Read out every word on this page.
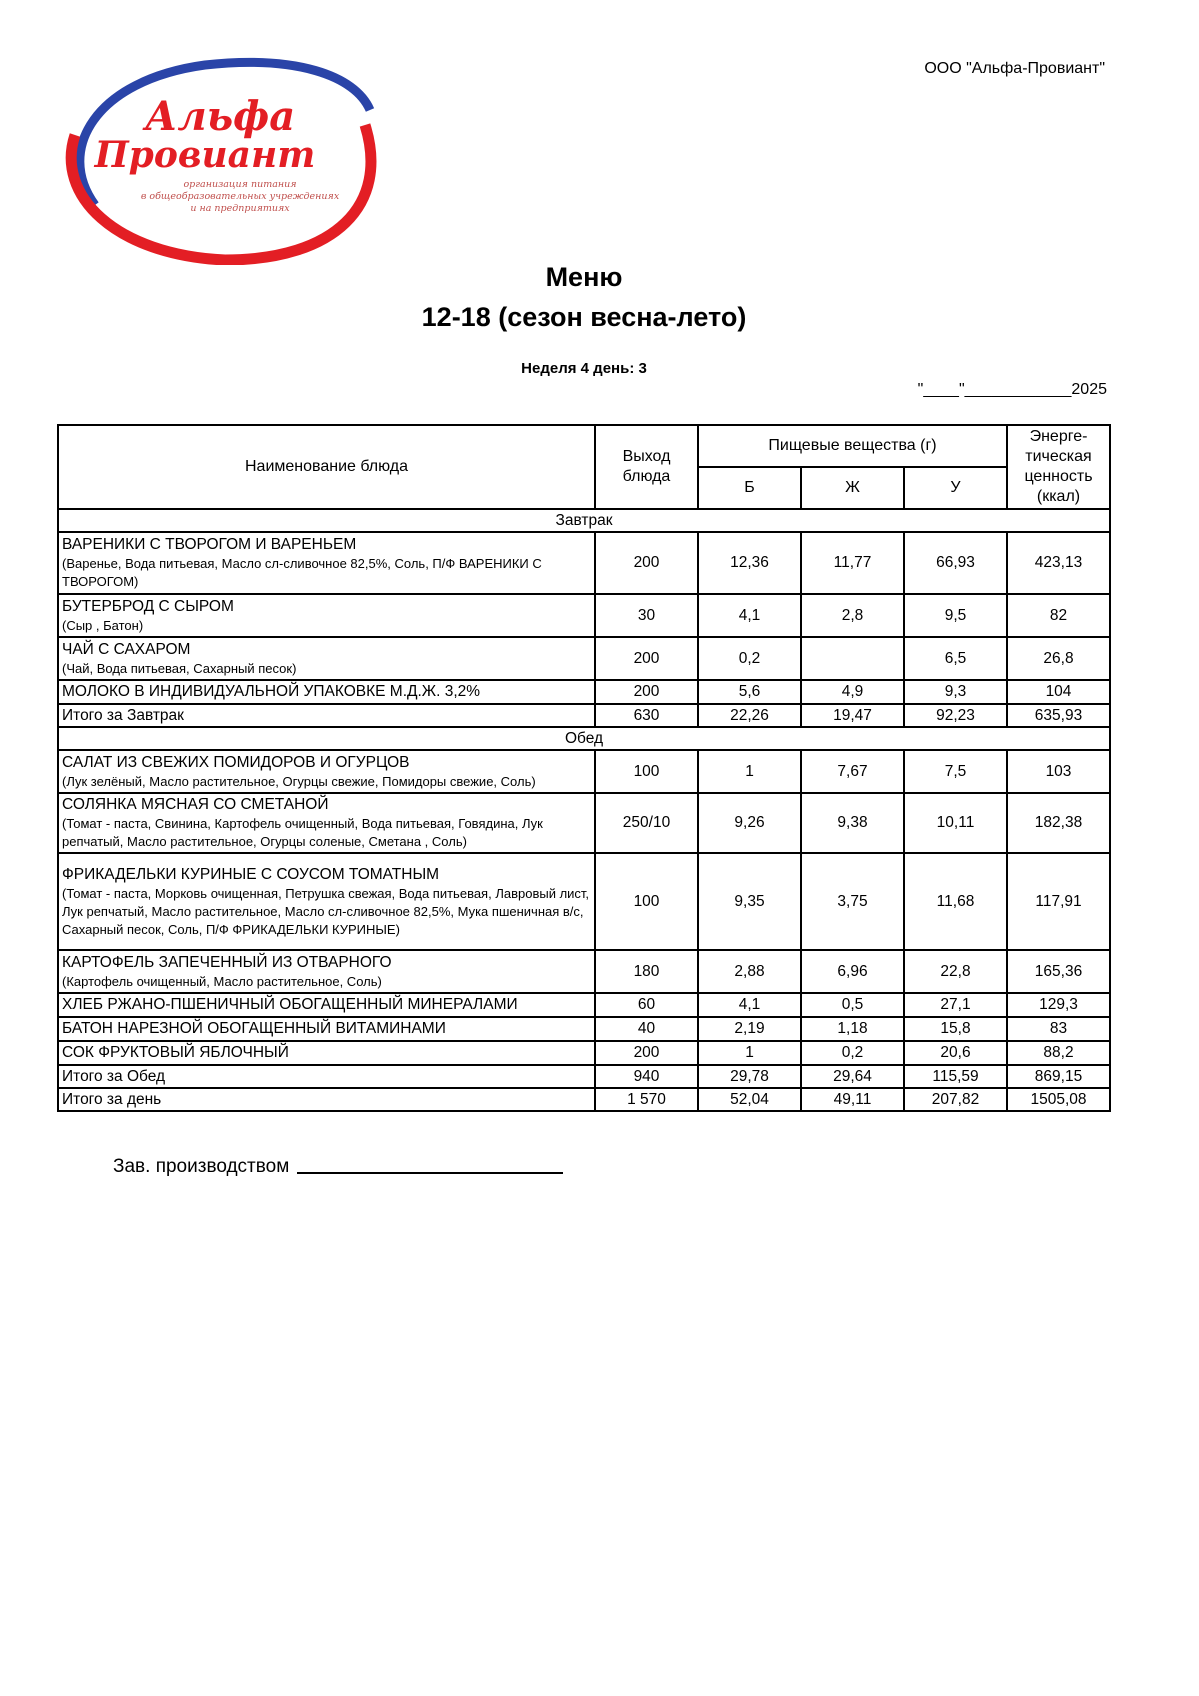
ООО "Альфа-Провиант"
Альфа
Провиант
организация питания
в общеобразовательных учреждениях
и на предприятиях
Меню
12-18 (сезон весна-лето)
Неделя 4 день: 3
"____"____________2025
Наименование блюда	Выход блюда	Пищевые вещества (г)			Энерге-тическая ценность (ккал)
		Б	Ж	У	
Завтрак					

ВАРЕНИКИ С ТВОРОГОМ И ВАРЕНЬЕМ
(Варенье, Вода питьевая, Масло сл-сливочное 82,5%, Соль, П/Ф ВАРЕНИКИ С ТВОРОГОМ)	200	12,36	11,77	66,93	423,13

БУТЕРБРОД С СЫРОМ
(Сыр , Батон)	30	4,1	2,8	9,5	82

ЧАЙ С САХАРОМ
(Чай, Вода питьевая, Сахарный песок)	200	0,2		6,5	26,8

МОЛОКО В ИНДИВИДУАЛЬНОЙ УПАКОВКЕ М.Д.Ж. 3,2%	200	5,6	4,9	9,3	104
Итого за Завтрак	630	22,26	19,47	92,23	635,93
Обед					

САЛАТ ИЗ СВЕЖИХ ПОМИДОРОВ И ОГУРЦОВ
(Лук зелёный, Масло растительное, Огурцы свежие, Помидоры свежие, Соль)	100	1	7,67	7,5	103

СОЛЯНКА МЯСНАЯ СО СМЕТАНОЙ
(Томат - паста, Свинина, Картофель очищенный, Вода питьевая, Говядина, Лук репчатый, Масло растительное, Огурцы соленые, Сметана , Соль)	250/10	9,26	9,38	10,11	182,38

ФРИКАДЕЛЬКИ КУРИНЫЕ С СОУСОМ ТОМАТНЫМ
(Томат - паста, Морковь очищенная, Петрушка свежая, Вода питьевая, Лавровый лист, Лук репчатый, Масло растительное, Масло сл-сливочное 82,5%, Мука пшеничная в/с, Сахарный песок, Соль, П/Ф ФРИКАДЕЛЬКИ КУРИНЫЕ)	100	9,35	3,75	11,68	117,91

КАРТОФЕЛЬ ЗАПЕЧЕННЫЙ ИЗ ОТВАРНОГО
(Картофель очищенный, Масло растительное, Соль)	180	2,88	6,96	22,8	165,36

ХЛЕБ РЖАНО-ПШЕНИЧНЫЙ ОБОГАЩЕННЫЙ МИНЕРАЛАМИ	60	4,1	0,5	27,1	129,3

БАТОН НАРЕЗНОЙ ОБОГАЩЕННЫЙ ВИТАМИНАМИ	40	2,19	1,18	15,8	83

СОК ФРУКТОВЫЙ ЯБЛОЧНЫЙ	200	1	0,2	20,6	88,2
Итого за Обед	940	29,78	29,64	115,59	869,15
Итого за день	1 570	52,04	49,11	207,82	1505,08
Зав. производством
